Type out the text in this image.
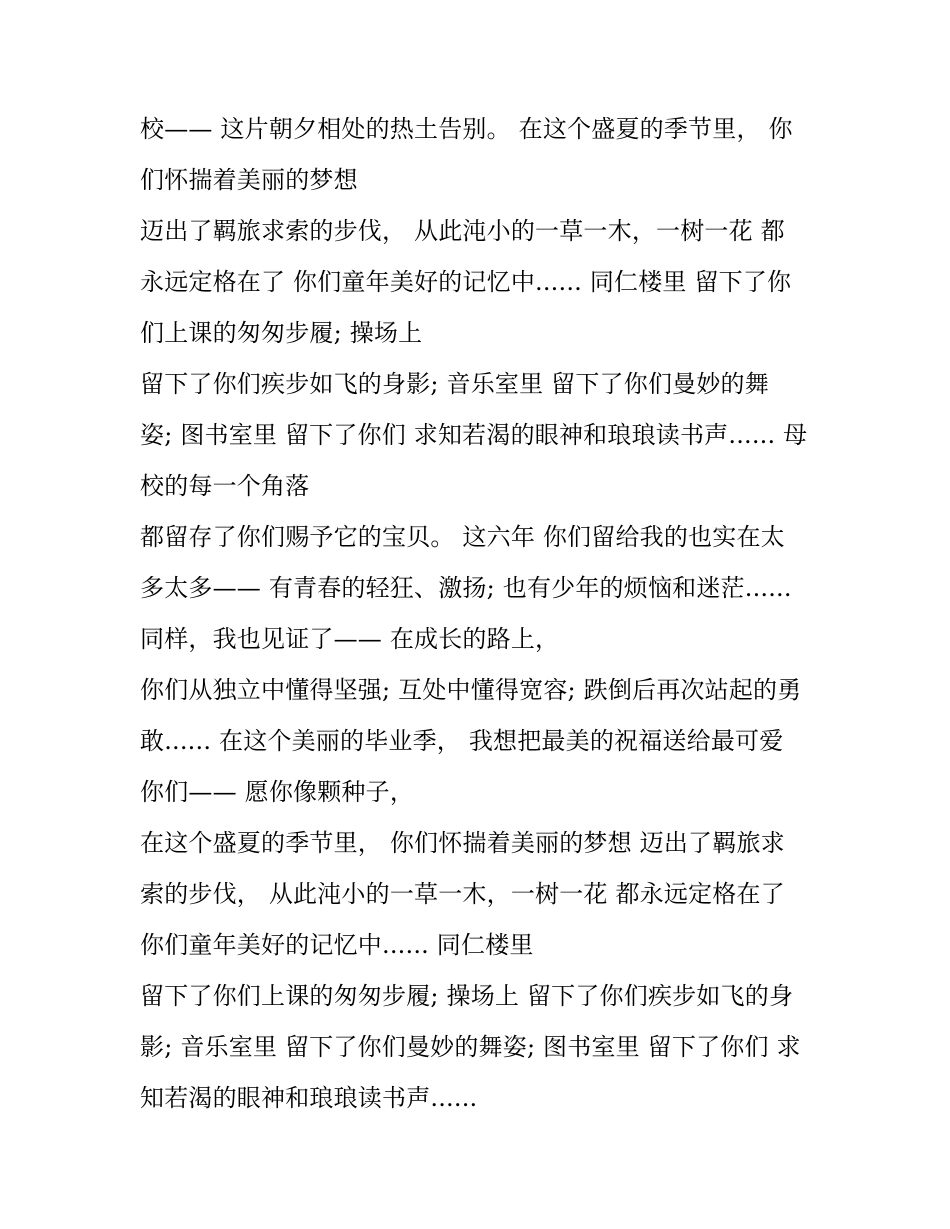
校—— 这片朝夕相处的热土告别。 在这个盛夏的季节里， 你
们怀揣着美丽的梦想
迈出了羁旅求索的步伐， 从此沌小的一草一木，一树一花 都
永远定格在了 你们童年美好的记忆中...... 同仁楼里 留下了你
们上课的匆匆步履; 操场上
留下了你们疾步如飞的身影; 音乐室里 留下了你们曼妙的舞
姿; 图书室里 留下了你们 求知若渴的眼神和琅琅读书声...... 母
校的每一个角落
都留存了你们赐予它的宝贝。 这六年 你们留给我的也实在太
多太多—— 有青春的轻狂、激扬; 也有少年的烦恼和迷茫......
同样，我也见证了—— 在成长的路上，
你们从独立中懂得坚强; 互处中懂得宽容; 跌倒后再次站起的勇
敢...... 在这个美丽的毕业季， 我想把最美的祝福送给最可爱
你们—— 愿你像颗种子，
在这个盛夏的季节里， 你们怀揣着美丽的梦想 迈出了羁旅求
索的步伐， 从此沌小的一草一木，一树一花 都永远定格在了
你们童年美好的记忆中...... 同仁楼里
留下了你们上课的匆匆步履; 操场上 留下了你们疾步如飞的身
影; 音乐室里 留下了你们曼妙的舞姿; 图书室里 留下了你们 求
知若渴的眼神和琅琅读书声......
